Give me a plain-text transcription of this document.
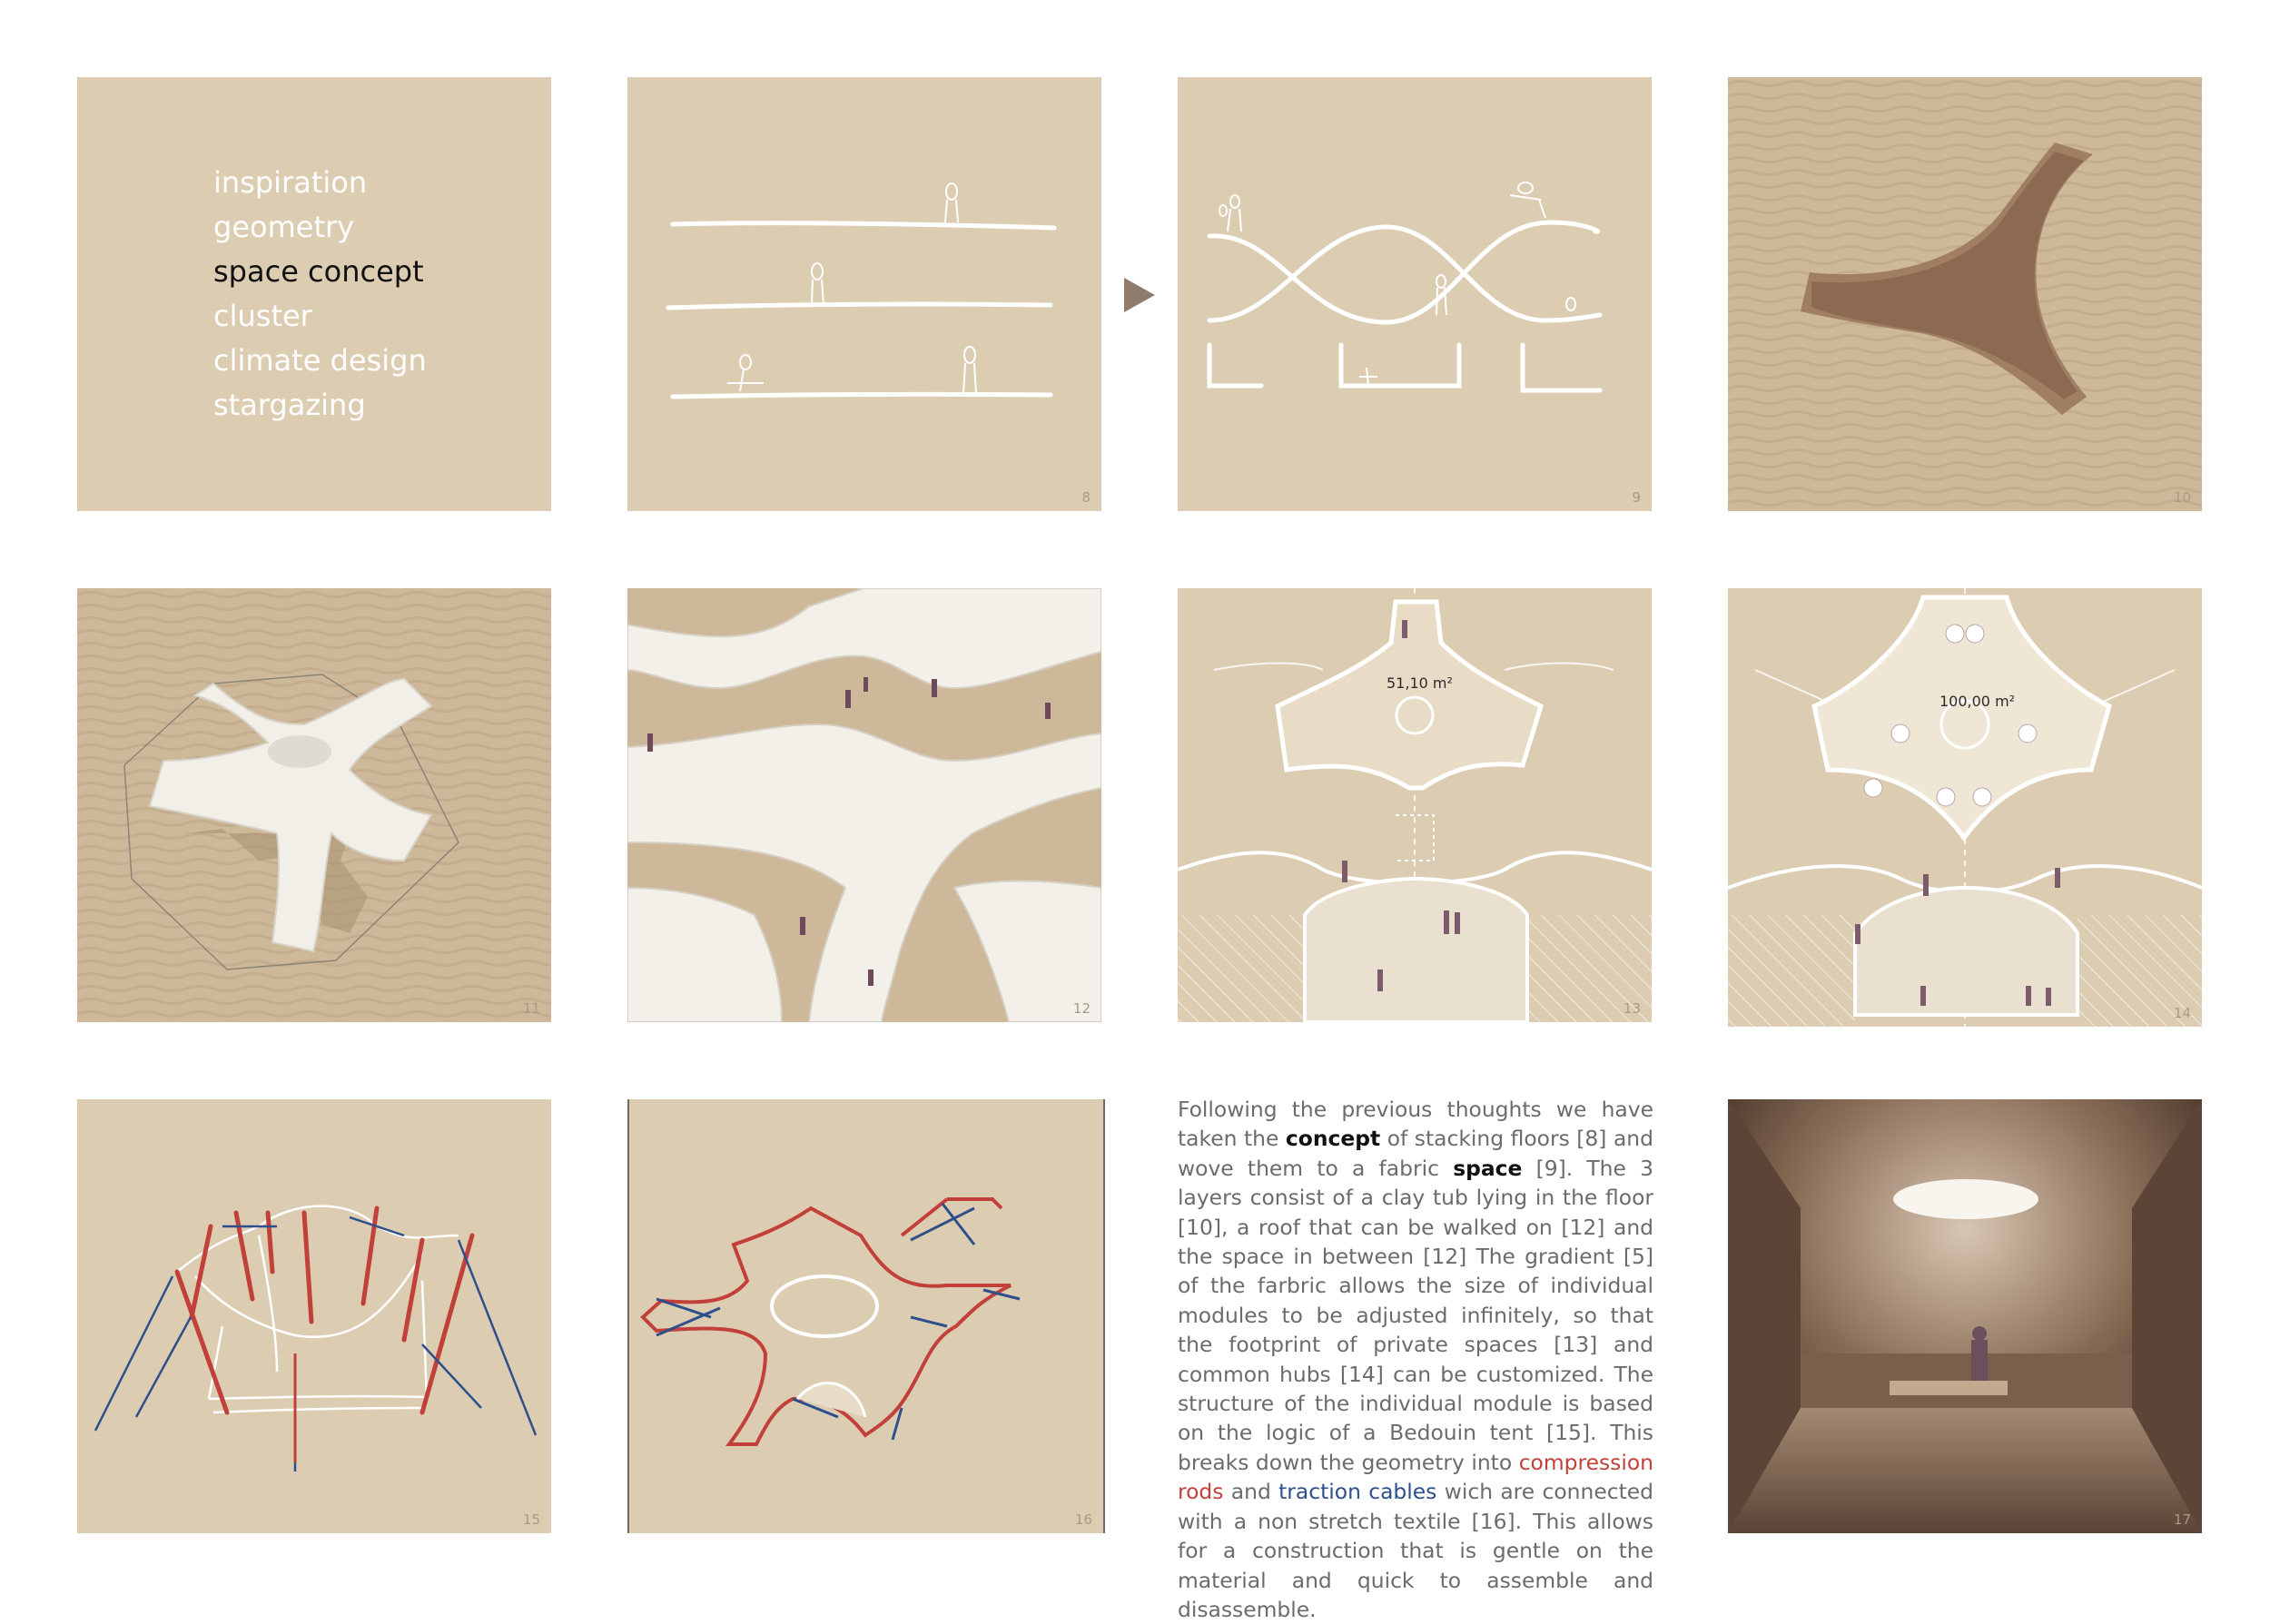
inspiration
geometry
space concept
cluster
climate design
stargazing
8	9	10
11	12
51,10 m²
13
100,00 m²
14
15	16

Following the previous thoughts we have taken the concept of stacking floors [8] and wove them to a fabric space [9]. The 3 layers consist of a clay tub lying in the floor [10], a roof that can be walked on [12] and the space in between [12] The gradient [5] of the farbric allows the size of individual modules to be adjusted infinitely, so that the footprint of private spaces [13] and common hubs [14] can be customized. The structure of the individual module is based on the logic of a Bedouin tent [15]. This breaks down the geometry into compression rods and traction cables wich are connected with a non stretch textile [16]. This allows for a construction that is gentle on the material and quick to assemble and disassemble.

17
